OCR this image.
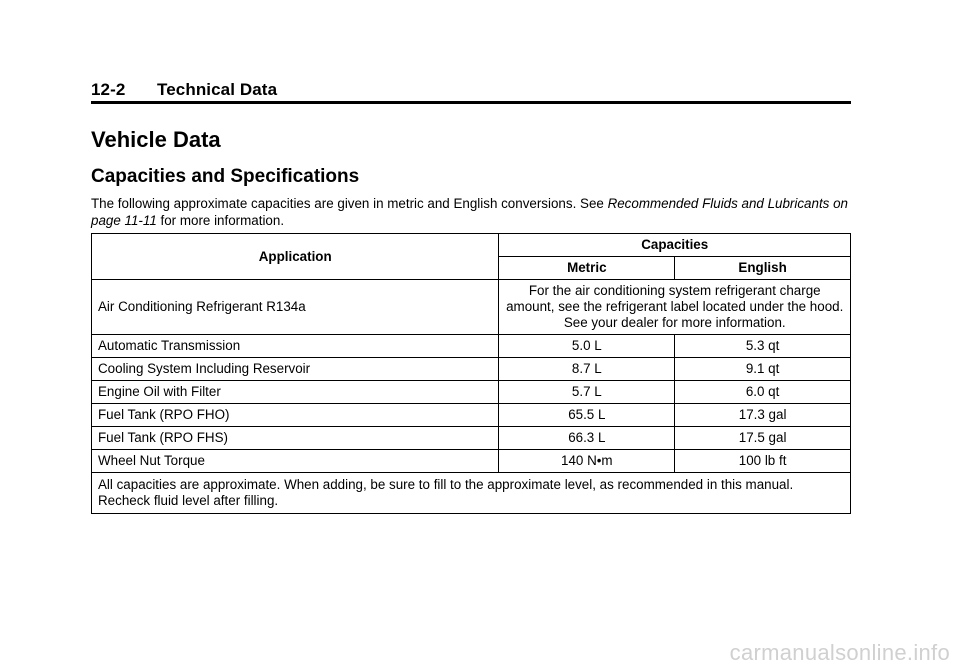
12-2 Technical Data
Vehicle Data
Capacities and Specifications

The following approximate capacities are given in metric and English conversions. See Recommended Fluids and Lubricants on page 11-11 for more information.

Application	Capacities	
	Metric	English
Air Conditioning Refrigerant R134a	For the air conditioning system refrigerant charge amount, see the refrigerant label located under the hood. See your dealer for more information.	
Automatic Transmission	5.0 L	5.3 qt
Cooling System Including Reservoir	8.7 L	9.1 qt
Engine Oil with Filter	5.7 L	6.0 qt
Fuel Tank (RPO FHO)	65.5 L	17.3 gal
Fuel Tank (RPO FHS)	66.3 L	17.5 gal
Wheel Nut Torque	140 N•m	100 lb ft
All capacities are approximate. When adding, be sure to fill to the approximate level, as recommended in this manual. Recheck fluid level after filling.		
carmanualsonline.info
